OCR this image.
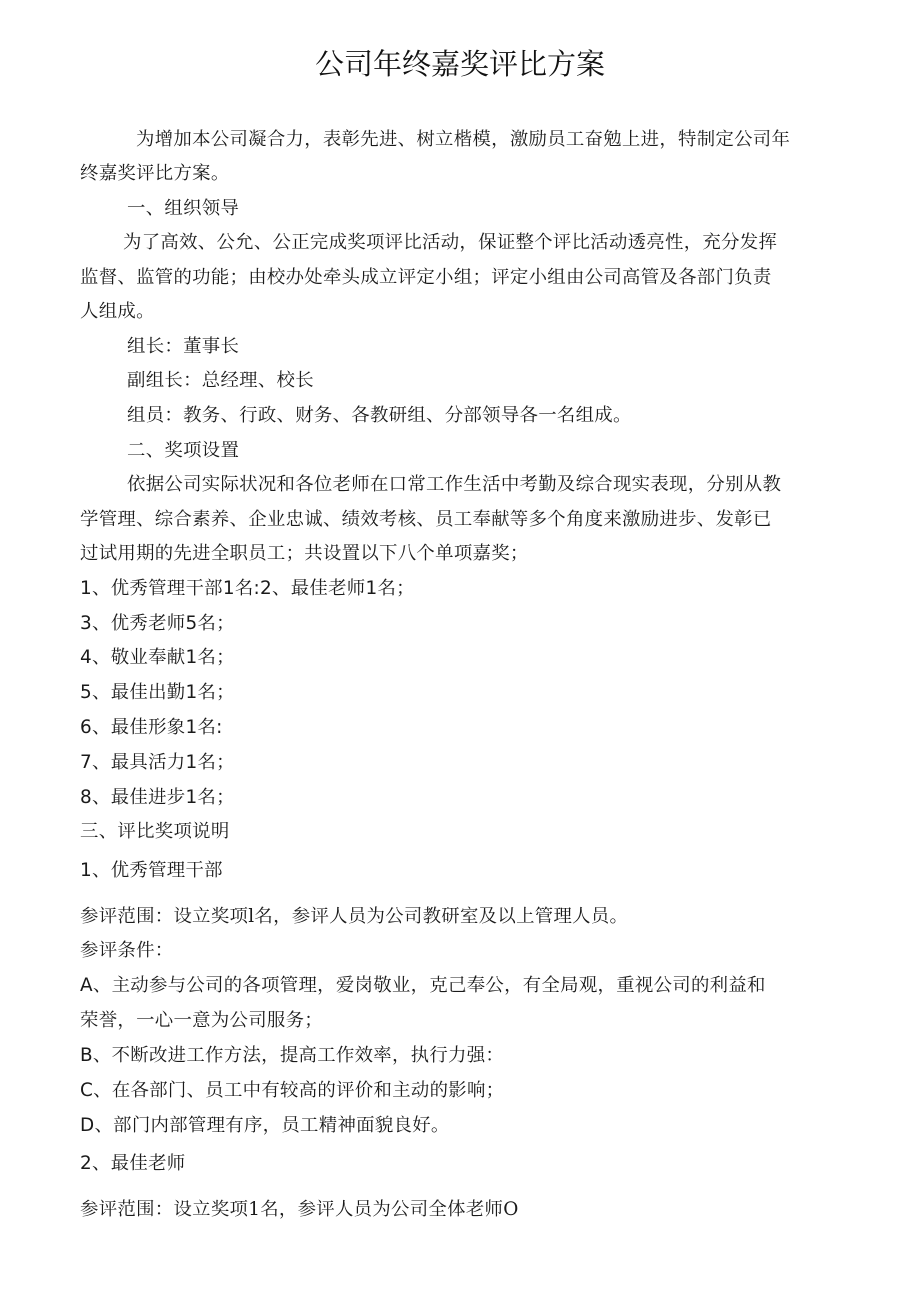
公司年终嘉奖评比方案
为增加本公司凝合力，表彰先进、树立楷模，激励员工奋勉上进，特制定公司年
终嘉奖评比方案。
一、组织领导
为了高效、公允、公正完成奖项评比活动，保证整个评比活动透亮性，充分发挥
监督、监管的功能；由校办处牵头成立评定小组；评定小组由公司高管及各部门负责
人组成。
组长：董事长
副组长：总经理、校长
组员：教务、行政、财务、各教研组、分部领导各一名组成。
二、奖项设置
依据公司实际状况和各位老师在口常工作生活中考勤及综合现实表现，分别从教
学管理、综合素养、企业忠诚、绩效考核、员工奉献等多个角度来激励进步、发彰已
过试用期的先进全职员工；共设置以下八个单项嘉奖；
1、优秀管理干部1名:2、最佳老师1名；
3、优秀老师5名；
4、敬业奉献1名；
5、最佳出勤1名；
6、最佳形象1名:
7、最具活力1名；
8、最佳进步1名；
三、评比奖项说明
1、优秀管理干部
参评范围：设立奖项l名，参评人员为公司教研室及以上管理人员。
参评条件：
A、主动参与公司的各项管理，爱岗敬业，克己奉公，有全局观，重视公司的利益和
荣誉，一心一意为公司服务；
B、不断改进工作方法，提高工作效率，执行力强：
C、在各部门、员工中有较高的评价和主动的影响；
D、部门内部管理有序，员工精神面貌良好。
2、最佳老师
参评范围：设立奖项1名，参评人员为公司全体老师O
